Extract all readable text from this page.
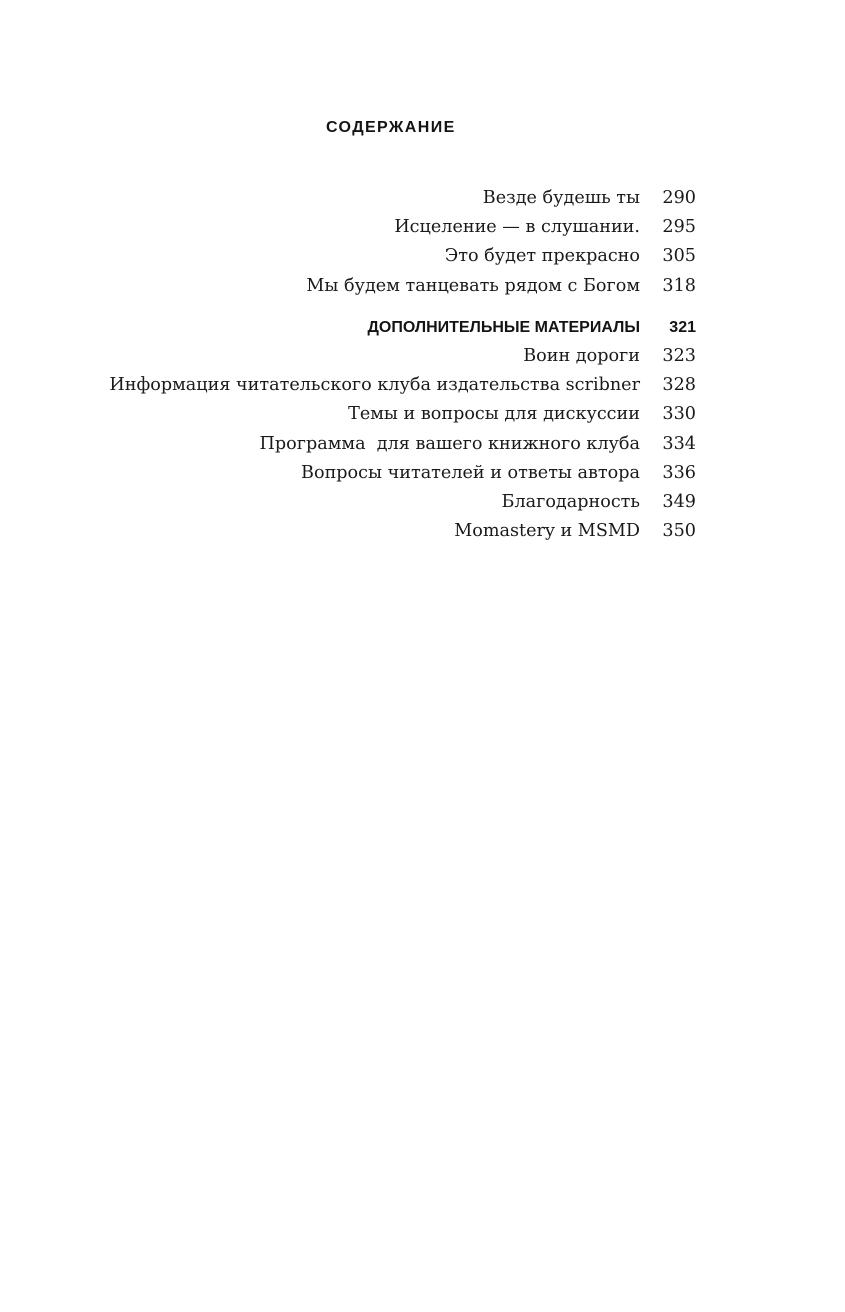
СОДЕРЖАНИЕ
Везде будешь ты	290
Исцеление — в слушании.	295
Это будет прекрасно	305
Мы будем танцевать рядом с Богом	318
ДОПОЛНИТЕЛЬНЫЕ МАТЕРИАЛЫ	321
Воин дороги	323
Информация читательского клуба издательства scribner	328
Темы и вопросы для дискуссии	330
Программа  для вашего книжного клуба	334
Вопросы читателей и ответы автора	336
Благодарность	349
Momastery и MSMD	350
